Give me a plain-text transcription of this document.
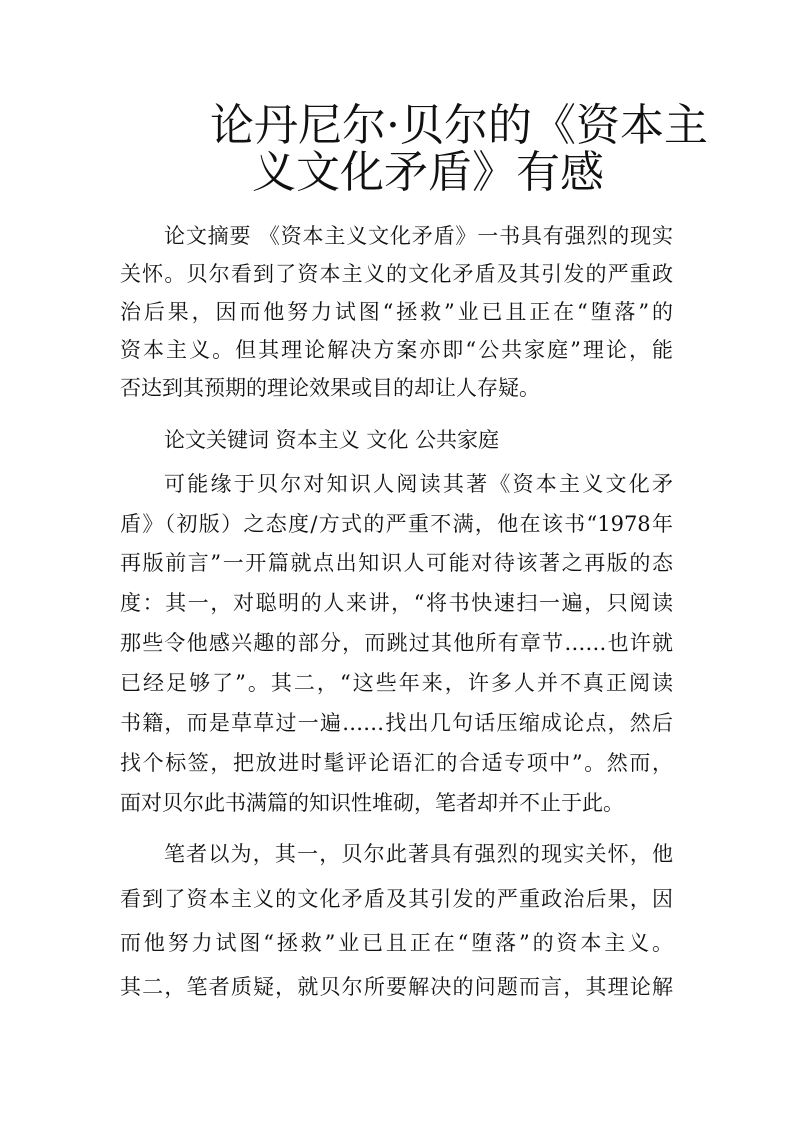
论丹尼尔·贝尔的《资本主
义文化矛盾》有感
论文摘要 《资本主义文化矛盾》一书具有强烈的现实
关怀。贝尔看到了资本主义的文化矛盾及其引发的严重政
治后果，因而他努力试图“拯救”业已且正在“堕落”的
资本主义。但其理论解决方案亦即“公共家庭”理论，能
否达到其预期的理论效果或目的却让人存疑。
论文关键词 资本主义 文化 公共家庭
可能缘于贝尔对知识人阅读其著《资本主义文化矛
盾》（初版）之态度/方式的严重不满，他在该书“1978年
再版前言”一开篇就点出知识人可能对待该著之再版的态
度：其一，对聪明的人来讲，“将书快速扫一遍，只阅读
那些令他感兴趣的部分，而跳过其他所有章节……也许就
已经足够了”。其二，“这些年来，许多人并不真正阅读
书籍，而是草草过一遍……找出几句话压缩成论点，然后
找个标签，把放进时髦评论语汇的合适专项中”。然而，
面对贝尔此书满篇的知识性堆砌，笔者却并不止于此。
笔者以为，其一，贝尔此著具有强烈的现实关怀，他
看到了资本主义的文化矛盾及其引发的严重政治后果，因
而他努力试图“拯救”业已且正在“堕落”的资本主义。
其二，笔者质疑，就贝尔所要解决的问题而言，其理论解
